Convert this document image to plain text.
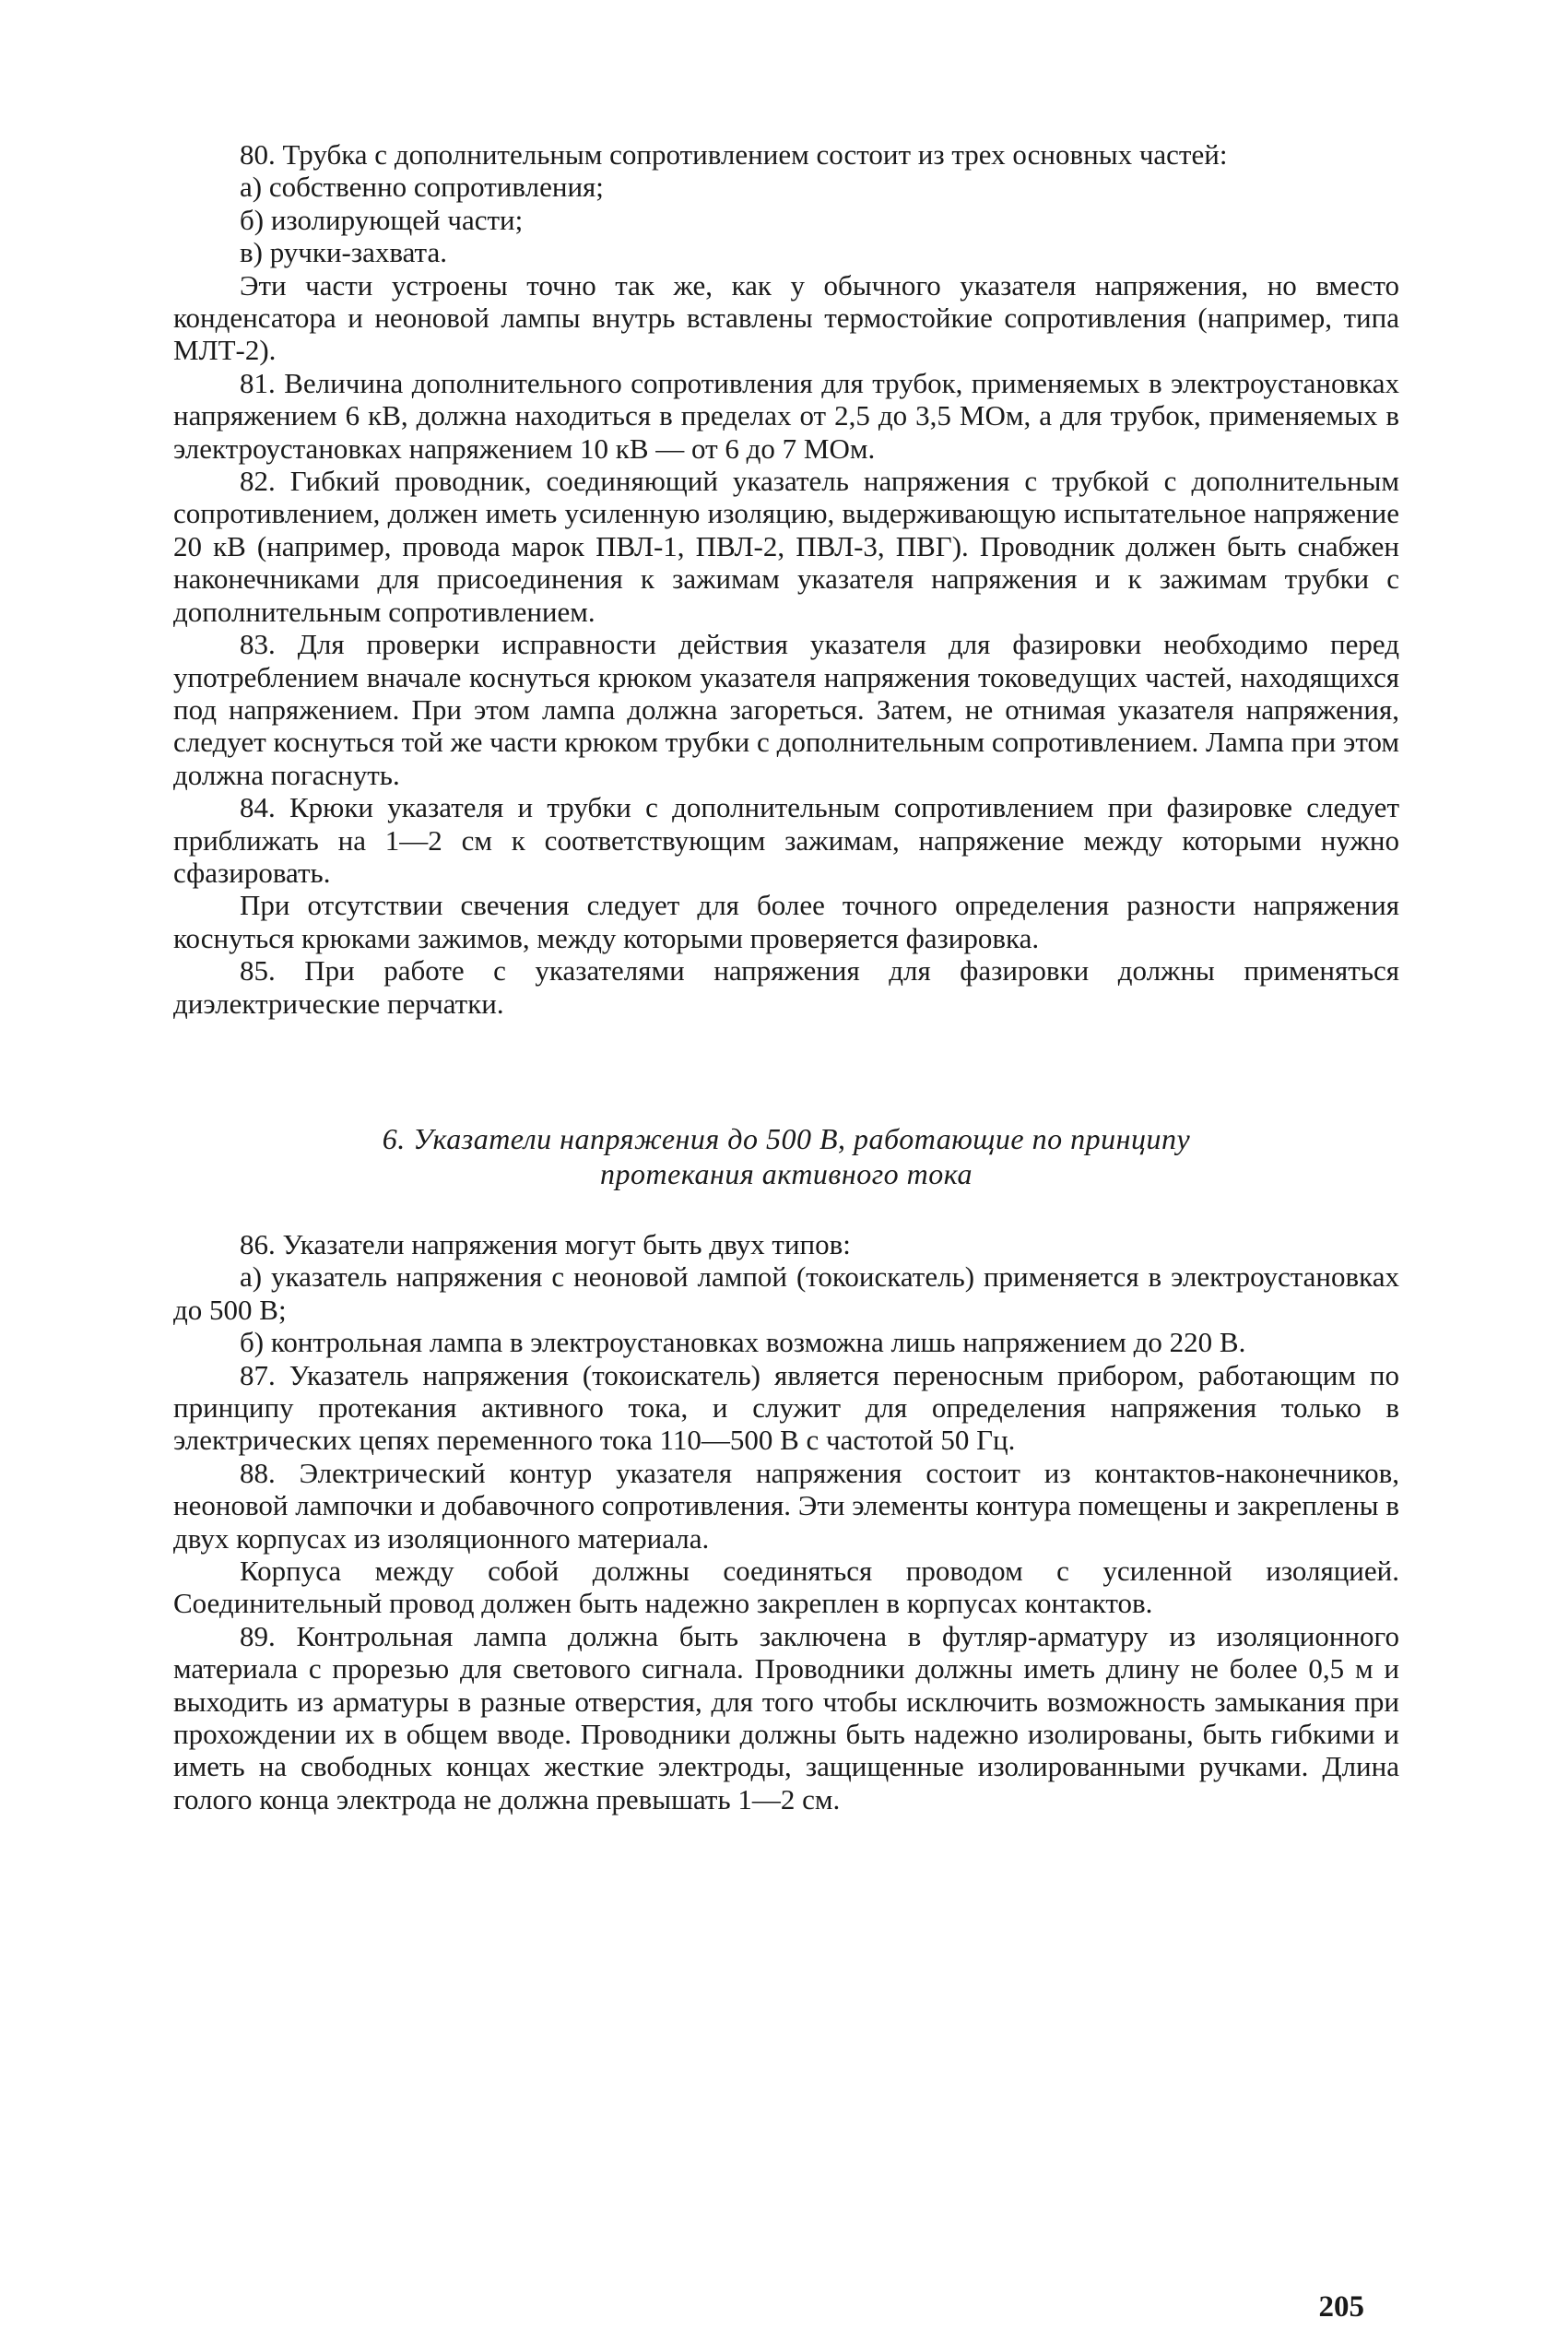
80. Трубка с дополнительным сопротивлением состоит из трех основных частей:

а) собственно сопротивления;

б) изолирующей части;

в) ручки-захвата.

Эти части устроены точно так же, как у обычного указателя напряжения, но вместо конденсатора и неоновой лампы внутрь вставлены термостойкие сопротивления (например, типа МЛТ-2).

81. Величина дополнительного сопротивления для трубок, применяемых в электроустановках напряжением 6 кВ, должна находиться в пределах от 2,5 до 3,5 МОм, а для трубок, применяемых в электроустановках напряжением 10 кВ — от 6 до 7 МОм.

82. Гибкий проводник, соединяющий указатель напряжения с трубкой с дополнительным сопротивлением, должен иметь усиленную изоляцию, выдерживающую испытательное напряжение 20 кВ (например, провода марок ПВЛ-1, ПВЛ-2, ПВЛ-3, ПВГ). Проводник должен быть снабжен наконечниками для присоединения к зажимам указателя напряжения и к зажимам трубки с дополнительным сопротивлением.

83. Для проверки исправности действия указателя для фазировки необходимо перед употреблением вначале коснуться крюком указателя напряжения токоведущих частей, находящихся под напряжением. При этом лампа должна загореться. Затем, не отнимая указателя напряжения, следует коснуться той же части крюком трубки с дополнительным сопротивлением. Лампа при этом должна погаснуть.

84. Крюки указателя и трубки с дополнительным сопротивлением при фазировке следует приближать на 1—2 см к соответствующим зажимам, напряжение между которыми нужно сфазировать.

При отсутствии свечения следует для более точного определения разности напряжения коснуться крюками зажимов, между которыми проверяется фазировка.

85. При работе с указателями напряжения для фазировки должны применяться диэлектрические перчатки.

6. Указатели напряжения до 500 В, работающие по принципу

протекания активного тока

86. Указатели напряжения могут быть двух типов:

а) указатель напряжения с неоновой лампой (токоискатель) применяется в электроустановках до 500 В;

б) контрольная лампа в электроустановках возможна лишь напряжением до 220 В.

87. Указатель напряжения (токоискатель) является переносным прибором, работающим по принципу протекания активного тока, и служит для определения напряжения только в электрических цепях переменного тока 110—500 В с частотой 50 Гц.

88. Электрический контур указателя напряжения состоит из контактов-наконечников, неоновой лампочки и добавочного сопротивления. Эти элементы контура помещены и закреплены в двух корпусах из изоляционного материала.

Корпуса между собой должны соединяться проводом с усиленной изоляцией. Соединительный провод должен быть надежно закреплен в корпусах контактов.

89. Контрольная лампа должна быть заключена в футляр-арматуру из изоляционного материала с прорезью для светового сигнала. Проводники должны иметь длину не более 0,5 м и выходить из арматуры в разные отверстия, для того чтобы исключить возможность замыкания при прохождении их в общем вводе. Проводники должны быть надежно изолированы, быть гибкими и иметь на свободных концах жесткие электроды, защищенные изолированными ручками. Длина голого конца электрода не должна превышать 1—2 см.

205
